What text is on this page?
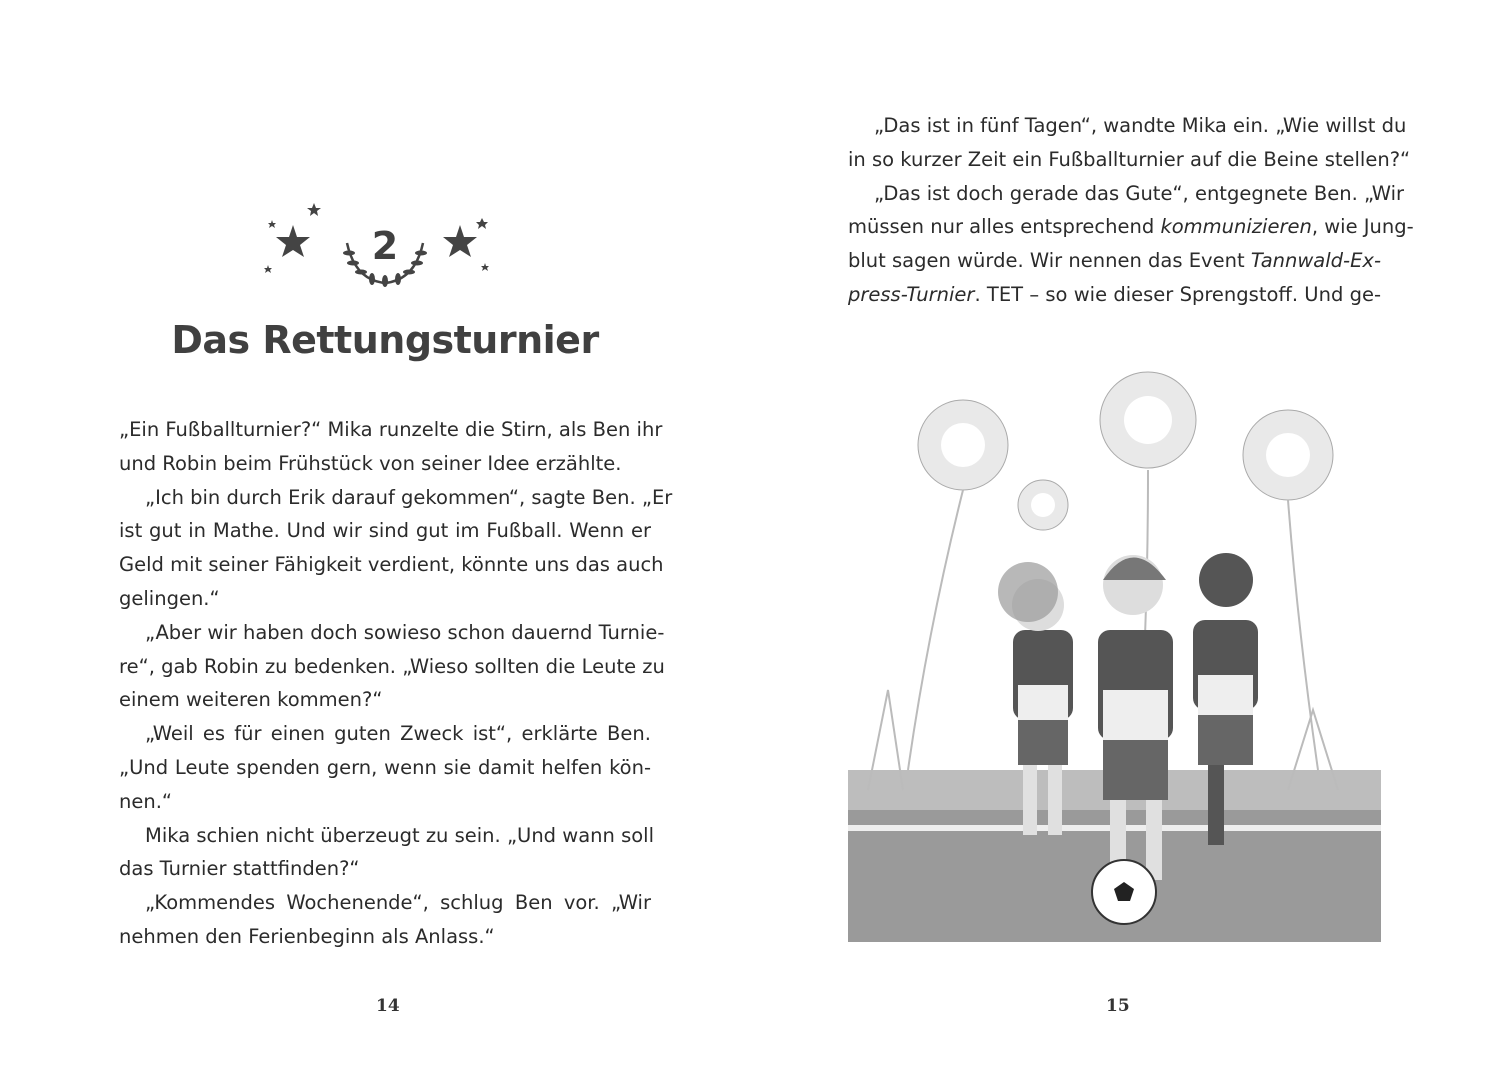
2
Das Rettungsturnier
„Ein Fußballturnier?“ Mika runzelte die Stirn, als Ben ihr
und Robin beim Frühstück von seiner Idee erzählte.
„Ich bin durch Erik darauf gekommen“, sagte Ben. „Er
ist gut in Mathe. Und wir sind gut im Fußball. Wenn er
Geld mit seiner Fähigkeit verdient, könnte uns das auch
gelingen.“
„Aber wir haben doch sowieso schon dauernd Turnie-
re“, gab Robin zu bedenken. „Wieso sollten die Leute zu
einem weiteren kommen?“
„Weil es für einen guten Zweck ist“, erklärte Ben.
„Und Leute spenden gern, wenn sie damit helfen kön-
nen.“
Mika schien nicht überzeugt zu sein. „Und wann soll
das Turnier stattfinden?“
„Kommendes Wochenende“, schlug Ben vor. „Wir
nehmen den Ferienbeginn als Anlass.“
14
„Das ist in fünf Tagen“, wandte Mika ein. „Wie willst du
in so kurzer Zeit ein Fußballturnier auf die Beine stellen?“
„Das ist doch gerade das Gute“, entgegnete Ben. „Wir
müssen nur alles entsprechend kommunizieren, wie Jung-
blut sagen würde. Wir nennen das Event Tannwald-Ex-
press-Turnier. TET – so wie dieser Sprengstoff. Und ge-
15
